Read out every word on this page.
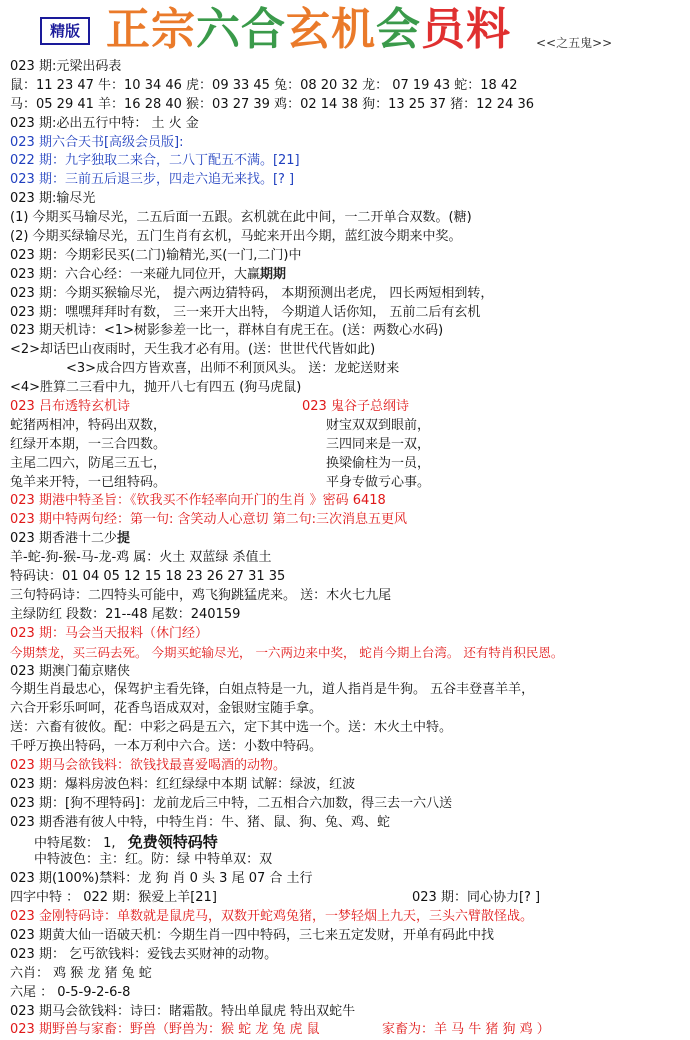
精版 正宗六合玄机会员料 <<之五鬼>>
023 期:元梁出码表
鼠：11 23 47 牛：10 34 46 虎：09 33 45 兔：08 20 32 龙： 07 19 43 蛇：18 42
马：05 29 41 羊：16 28 40 猴：03 27 39 鸡：02 14 38 狗：13 25 37 猪：12 24 36
023 期:必出五行中特： 土 火 金
023 期六合天书[高级会员版]:
022 期：九字独取二来合，二八丁配五不满。[21]
023 期：三前五后退三步，四走六追无来找。[? ]
023 期:输尽光
(1) 今期买马输尽光，二五后面一五跟。玄机就在此中间，一二开单合双数。(糖)
(2) 今期买绿输尽光，五门生肖有玄机，马蛇来开出今期，蓝红波今期来中奖。
023 期：今期彩民买(二门)输精光,买(一门,二门)中
023 期：六合心经：一来碰九同位开，大赢期期
023 期：今期买猴输尽光， 提六两边猜特码， 本期预测出老虎， 四长两短相到转，
023 期：嘿嘿拜拜时有数， 三一来开大出特， 今期道人话你知， 五前二后有玄机
023 期天机诗：<1>树影参差一比一，群林自有虎王在。(送：两数心水码)
<2>却话巴山夜雨时，天生我才必有用。(送：世世代代皆如此)
<3>成合四方皆欢喜，出师不利顶风头。 送：龙蛇送财来
<4>胜算二三看中九，抛开八七有四五 (狗马虎鼠)
023 吕布透特玄机诗	023 鬼谷子总纲诗
蛇猪两相冲，特码出双数，	财宝双双到眼前，
红绿开本期，一三合四数。	三四同来是一双，
主尾二四六，防尾三五七，	换梁偷柱为一员，
兔羊来开特，一已组特码。	平身专做亏心事。
023 期港中特圣旨：《钦我买不作轻率向开门的生肖 》密码 6418
023 期中特两句经：第一句: 含笑动人心意切 第二句:三次消息五更风
023 期香港十二少提
羊-蛇-狗-猴-马-龙-鸡 属：火土 双蓝绿 杀值土
特码诀：01 04 05 12 15 18 23 26 27 31 35
三句特码诗：二四特头可能中，鸡飞狗跳猛虎来。 送：木火七九尾
主绿防红 段数：21--48 尾数：240159
023 期：马会当天报料（休门经）
今期禁龙，买三码去死。 今期买蛇输尽光， 一六两边来中奖， 蛇肖今期上台湾。 还有特肖积民恩。
023 期澳门葡京赌侠
今期生肖最忠心，保驾护主看先锋，白姐点特是一九，道人指肖是牛狗。 五谷丰登喜羊羊，
六合开彩乐呵呵，花香鸟语成双对，金银财宝随手拿。
送：六畜有彼攸。配：中彩之码是五六，定下其中选一个。送：木火土中特。
千呼万换出特码，一本万利中六合。送：小数中特码。
023 期马会欲钱料：欲钱找最喜爱喝酒的动物。
023 期：爆料房波色料：红红绿绿中本期 试解：绿波，红波
023 期：[狗不理特码]：龙前龙后三中特，二五相合六加数，得三去一六八送
023 期香港有彼人中特，中特生肖：牛、猪、鼠、狗、兔、鸡、蛇
中特尾数： 1, 免费领特码特
中特波色：主：红。防：绿 中特单双：双
023 期(100%)禁料：龙 狗 肖 0 头 3 尾 07 合 土行
四字中特 ： 022 期：猴爱上羊[21]	023 期：同心协力[? ]
023 金刚特码诗：单数就是鼠虎马，双数开蛇鸡兔猪，一梦轻烟上九天，三头六臂散怪战。
023 期黄大仙一语破天机：今期生肖一四中特码，三七来五定发财，开单有码此中找
023 期： 乞丐欲钱料：爱钱去买财神的动物。
六肖： 鸡 猴 龙 猪 兔 蛇
六尾 ： 0-5-9-2-6-8
023 期马会欲钱料：诗曰：睹霜散。特出单鼠虎 特出双蛇牛
023 期野兽与家畜：野兽（野兽为：猴 蛇 龙 兔 虎 鼠	家畜为：羊 马 牛 猪 狗 鸡 ）
